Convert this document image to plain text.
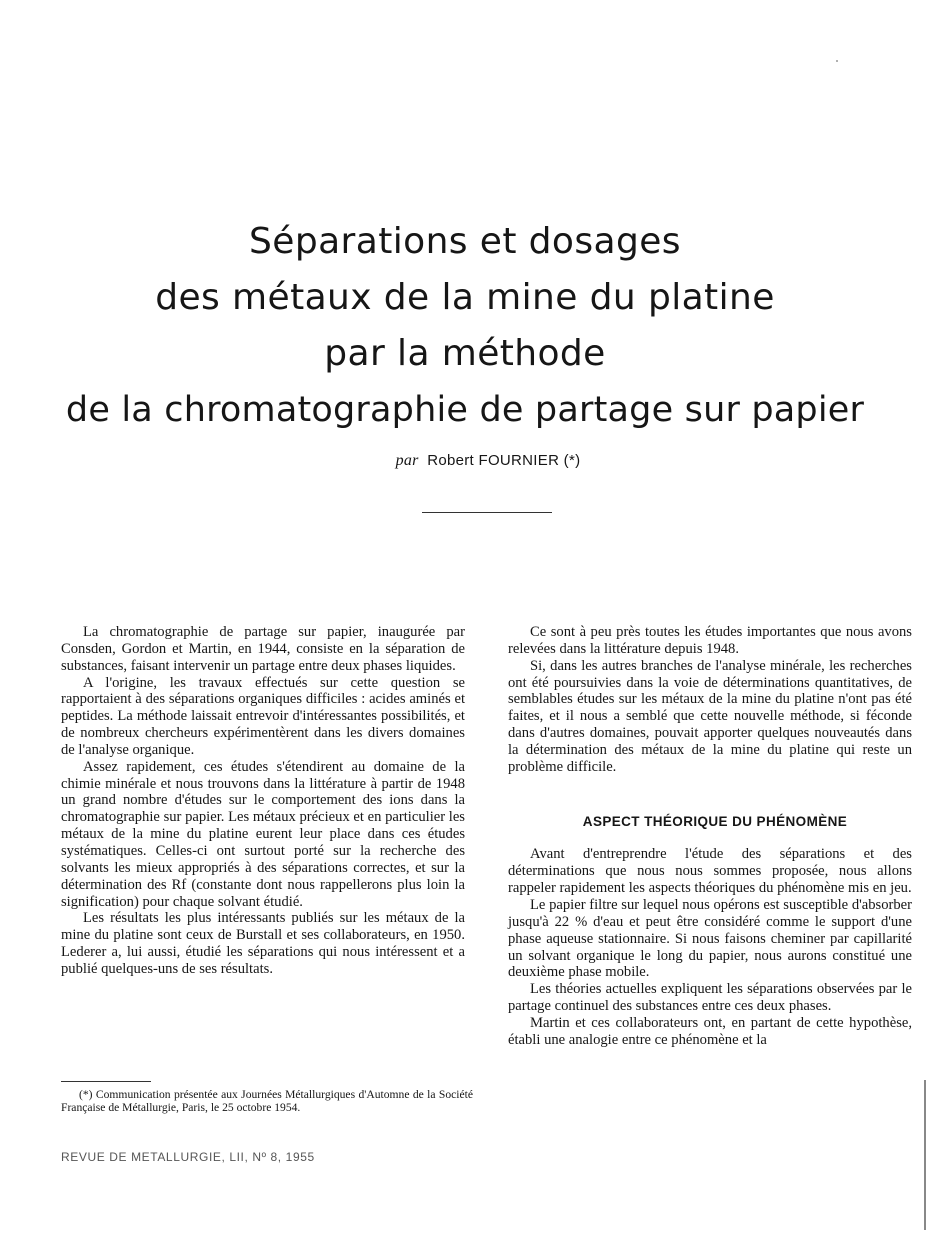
Séparations et dosages
des métaux de la mine du platine
par la méthode
de la chromatographie de partage sur papier
par Robert FOURNIER (*)

La chromatographie de partage sur papier, inaugurée par Consden, Gordon et Martin, en 1944, consiste en la séparation de substances, faisant intervenir un partage entre deux phases liquides.

A l'origine, les travaux effectués sur cette question se rapportaient à des séparations organiques difficiles : acides aminés et peptides. La méthode laissait entrevoir d'intéressantes possibilités, et de nombreux chercheurs expérimentèrent dans les divers domaines de l'analyse organique.

Assez rapidement, ces études s'étendirent au domaine de la chimie minérale et nous trouvons dans la littérature à partir de 1948 un grand nombre d'études sur le comportement des ions dans la chromatographie sur papier. Les métaux précieux et en particulier les métaux de la mine du platine eurent leur place dans ces études systématiques. Celles-ci ont surtout porté sur la recherche des solvants les mieux appropriés à des séparations correctes, et sur la détermination des Rf (constante dont nous rappellerons plus loin la signification) pour chaque solvant étudié.

Les résultats les plus intéressants publiés sur les métaux de la mine du platine sont ceux de Burstall et ses collaborateurs, en 1950. Lederer a, lui aussi, étudié les séparations qui nous intéressent et a publié quelques-uns de ses résultats.

Ce sont à peu près toutes les études importantes que nous avons relevées dans la littérature depuis 1948.

Si, dans les autres branches de l'analyse minérale, les recherches ont été poursuivies dans la voie de déterminations quantitatives, de semblables études sur les métaux de la mine du platine n'ont pas été faites, et il nous a semblé que cette nouvelle méthode, si féconde dans d'autres domaines, pouvait apporter quelques nouveautés dans la détermination des métaux de la mine du platine qui reste un problème difficile.

ASPECT THÉORIQUE DU PHÉNOMÈNE

Avant d'entreprendre l'étude des séparations et des déterminations que nous nous sommes proposée, nous allons rappeler rapidement les aspects théoriques du phénomène mis en jeu.

Le papier filtre sur lequel nous opérons est susceptible d'absorber jusqu'à 22 % d'eau et peut être considéré comme le support d'une phase aqueuse stationnaire. Si nous faisons cheminer par capillarité un solvant organique le long du papier, nous aurons constitué une deuxième phase mobile.

Les théories actuelles expliquent les séparations observées par le partage continuel des substances entre ces deux phases.

Martin et ces collaborateurs ont, en partant de cette hypothèse, établi une analogie entre ce phénomène et la

(*) Communication présentée aux Journées Métallurgiques d'Automne de la Société Française de Métallurgie, Paris, le 25 octobre 1954.
REVUE DE METALLURGIE, LII, Nº 8, 1955
